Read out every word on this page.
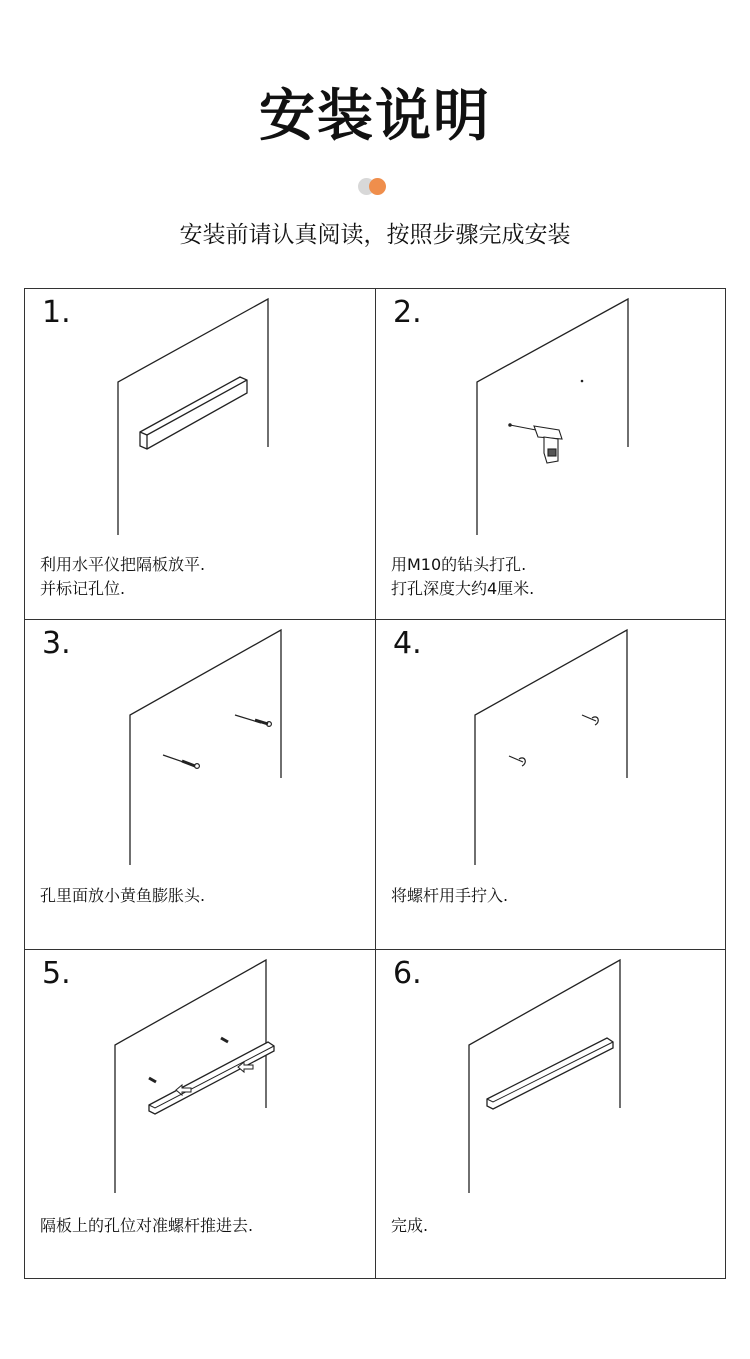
安装说明
安装前请认真阅读，按照步骤完成安装
1.
利用水平仪把隔板放平.
并标记孔位.
2.
用M10的钻头打孔.
打孔深度大约4厘米.
3.
孔里面放小黄鱼膨胀头.
4.
将螺杆用手拧入.
5.
隔板上的孔位对准螺杆推进去.
6.
完成.
